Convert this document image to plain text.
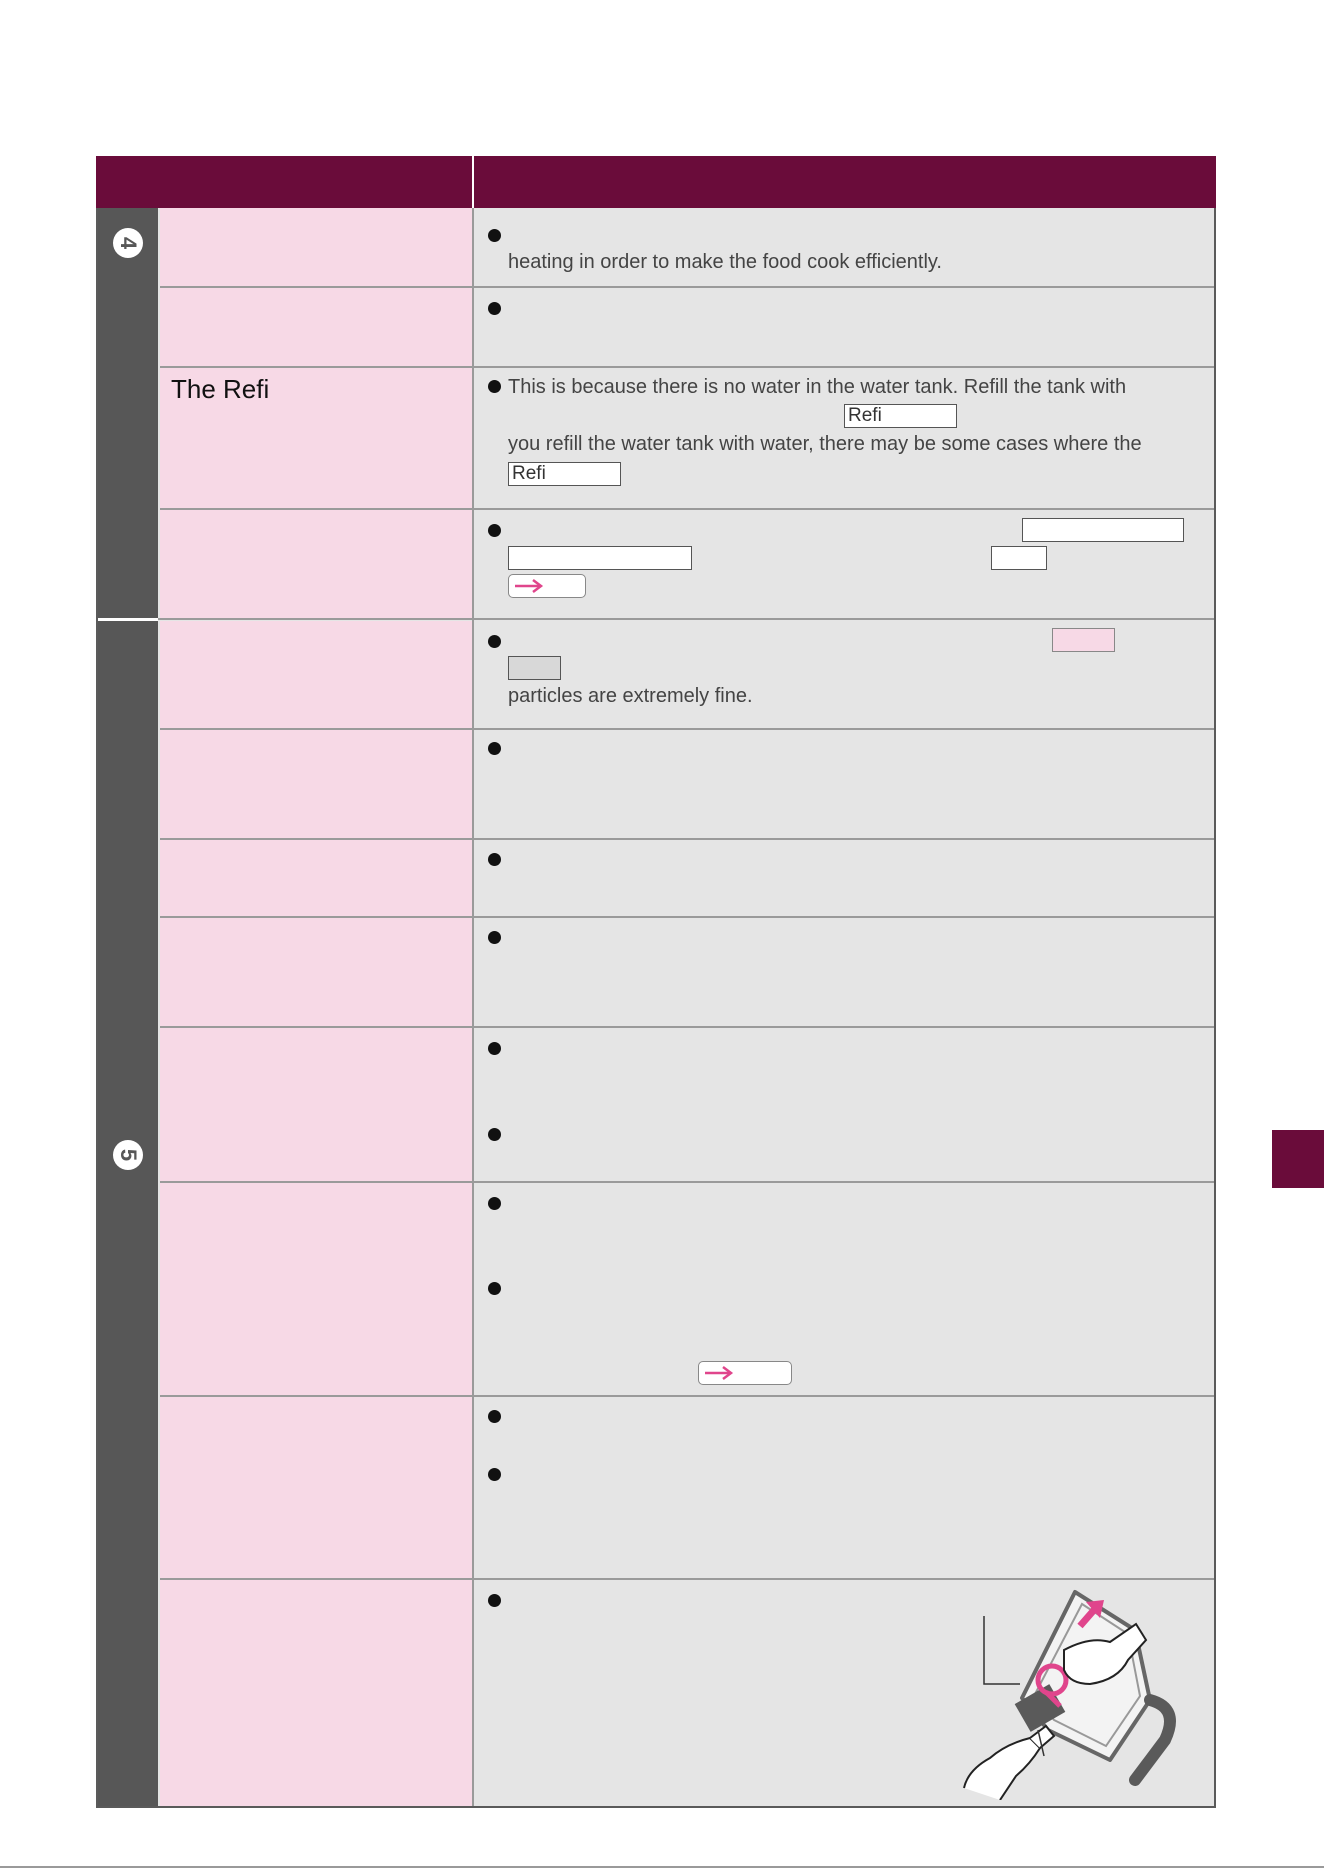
4
5
The Refi
heating in order to make the food cook efficiently.
This is because there is no water in the water tank. Refill the tank with
you refill the water tank with water, there may be some cases where the
particles are extremely fine.
Refi
Refi
